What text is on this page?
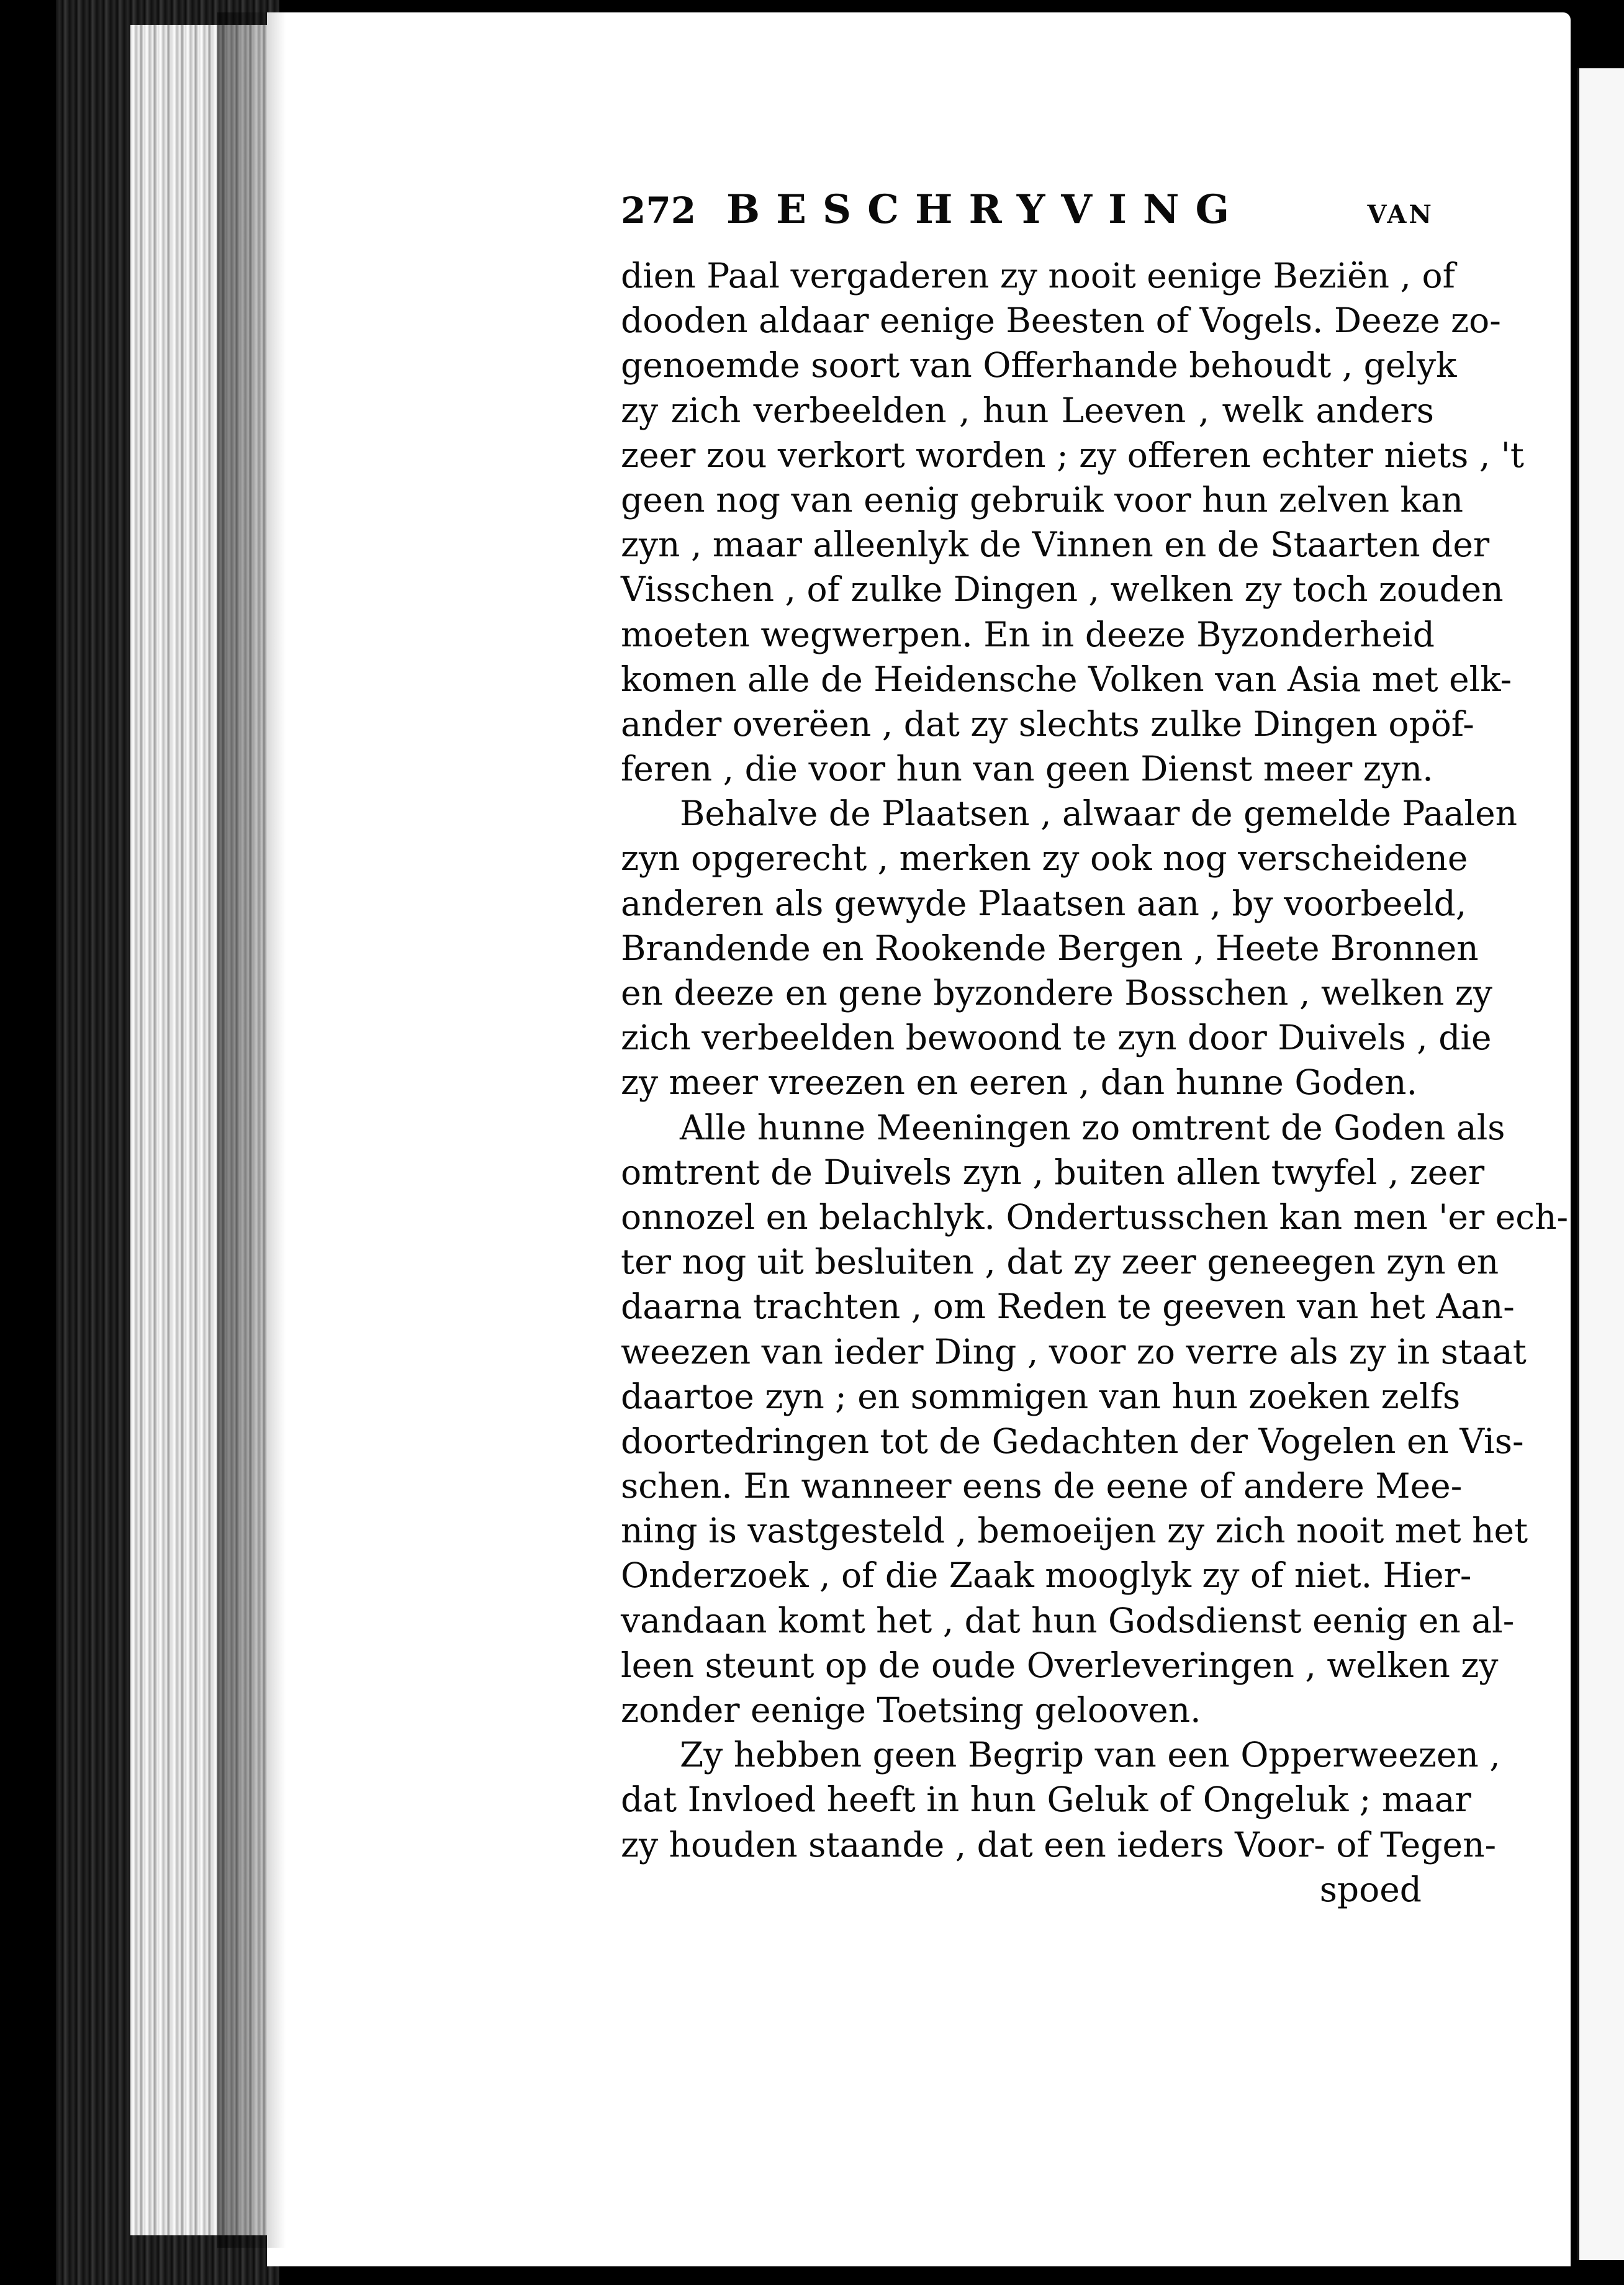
272 BESCHRYVING	VAN
dien Paal vergaderen zy nooit eenige Beziën , of
dooden aldaar eenige Beesten of Vogels. Deeze zo-
genoemde soort van Offerhande behoudt , gelyk
zy zich verbeelden , hun Leeven , welk anders
zeer zou verkort worden ; zy offeren echter niets , 't
geen nog van eenig gebruik voor hun zelven kan
zyn , maar alleenlyk de Vinnen en de Staarten der
Visschen , of zulke Dingen , welken zy toch zouden
moeten wegwerpen. En in deeze Byzonderheid
komen alle de Heidensche Volken van Asia met elk-
ander overëen , dat zy slechts zulke Dingen opöf-
feren , die voor hun van geen Dienst meer zyn.
Behalve de Plaatsen , alwaar de gemelde Paalen
zyn opgerecht , merken zy ook nog verscheidene
anderen als gewyde Plaatsen aan , by voorbeeld,
Brandende en Rookende Bergen , Heete Bronnen
en deeze en gene byzondere Bosschen , welken zy
zich verbeelden bewoond te zyn door Duivels , die
zy meer vreezen en eeren , dan hunne Goden.
Alle hunne Meeningen zo omtrent de Goden als
omtrent de Duivels zyn , buiten allen twyfel , zeer
onnozel en belachlyk. Ondertusschen kan men 'er ech-
ter nog uit besluiten , dat zy zeer geneegen zyn en
daarna trachten , om Reden te geeven van het Aan-
weezen van ieder Ding , voor zo verre als zy in staat
daartoe zyn ; en sommigen van hun zoeken zelfs
doortedringen tot de Gedachten der Vogelen en Vis-
schen. En wanneer eens de eene of andere Mee-
ning is vastgesteld , bemoeijen zy zich nooit met het
Onderzoek , of die Zaak mooglyk zy of niet. Hier-
vandaan komt het , dat hun Godsdienst eenig en al-
leen steunt op de oude Overleveringen , welken zy
zonder eenige Toetsing gelooven.
Zy hebben geen Begrip van een Opperweezen ,
dat Invloed heeft in hun Geluk of Ongeluk ; maar
zy houden staande , dat een ieders Voor- of Tegen-
spoed
